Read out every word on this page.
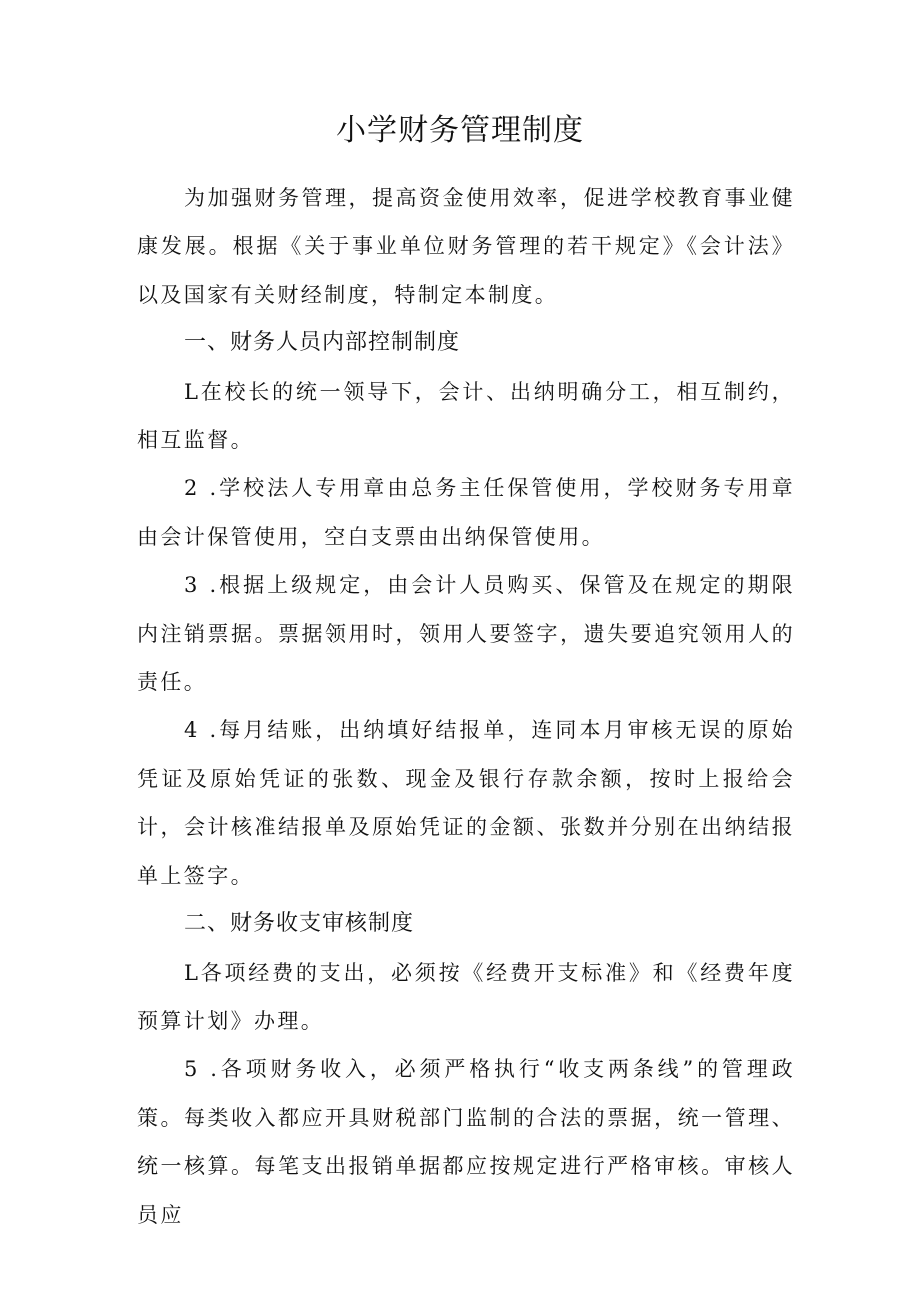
小学财务管理制度

为加强财务管理，提高资金使用效率，促进学校教育事业健康发展。根据《关于事业单位财务管理的若干规定》《会计法》以及国家有关财经制度，特制定本制度。

一、财务人员内部控制制度

L在校长的统一领导下，会计、出纳明确分工，相互制约，相互监督。

2 .学校法人专用章由总务主任保管使用，学校财务专用章由会计保管使用，空白支票由出纳保管使用。

3 .根据上级规定，由会计人员购买、保管及在规定的期限内注销票据。票据领用时，领用人要签字，遗失要追究领用人的责任。

4 .每月结账，出纳填好结报单，连同本月审核无误的原始凭证及原始凭证的张数、现金及银行存款余额，按时上报给会计，会计核准结报单及原始凭证的金额、张数并分别在出纳结报单上签字。

二、财务收支审核制度

L各项经费的支出，必须按《经费开支标准》和《经费年度预算计划》办理。

5 .各项财务收入，必须严格执行“收支两条线”的管理政策。每类收入都应开具财税部门监制的合法的票据，统一管理、统一核算。每笔支出报销单据都应按规定进行严格审核。审核人员应
